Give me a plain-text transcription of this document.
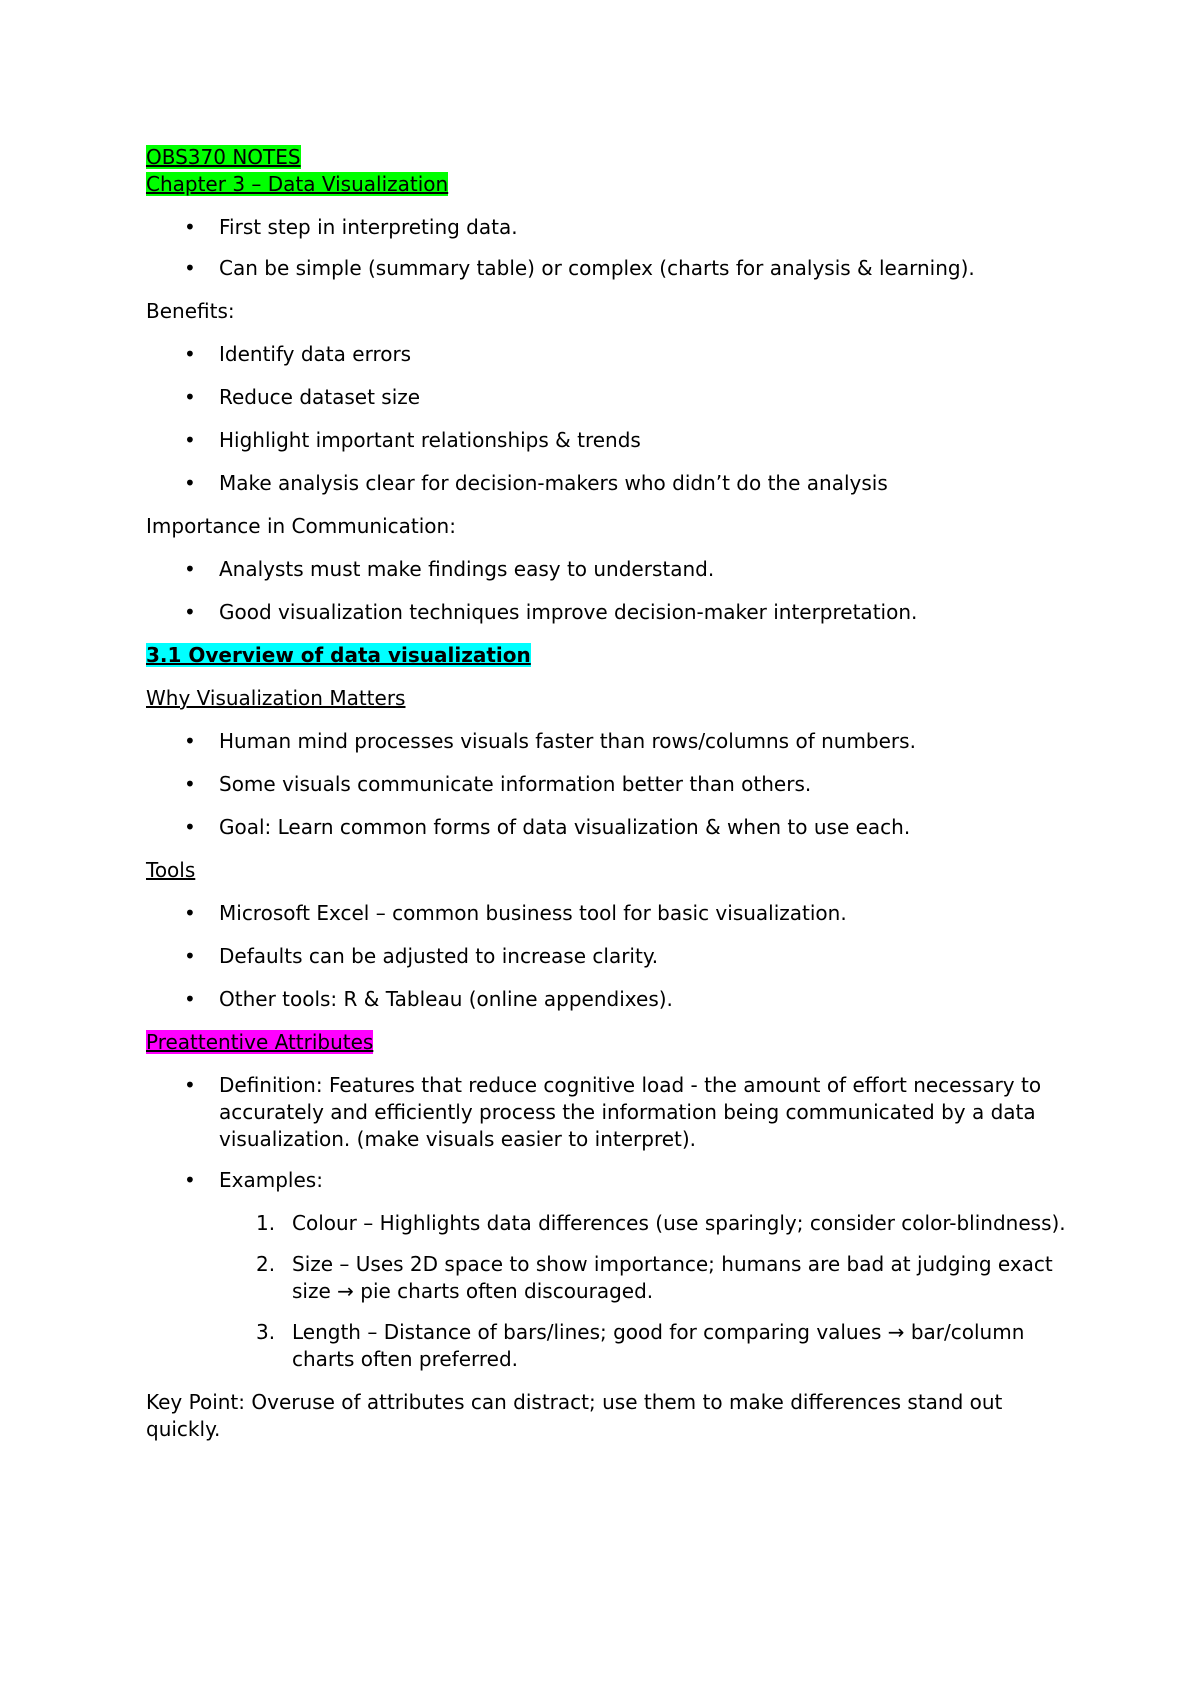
OBS370 NOTES
Chapter 3 – Data Visualization
• First step in interpreting data.
• Can be simple (summary table) or complex (charts for analysis & learning).

Benefits:

• Identify data errors
• Reduce dataset size
• Highlight important relationships & trends
• Make analysis clear for decision-makers who didn’t do the analysis

Importance in Communication:

• Analysts must make findings easy to understand.
• Good visualization techniques improve decision-maker interpretation.

3.1 Overview of data visualization

Why Visualization Matters

• Human mind processes visuals faster than rows/columns of numbers.
• Some visuals communicate information better than others.
• Goal: Learn common forms of data visualization & when to use each.

Tools

• Microsoft Excel – common business tool for basic visualization.
• Defaults can be adjusted to increase clarity.
• Other tools: R & Tableau (online appendixes).

Preattentive Attributes

• Definition: Features that reduce cognitive load - the amount of effort necessary to accurately and efficiently process the information being communicated by a data visualization. (make visuals easier to interpret).
• Examples:
1. Colour – Highlights data differences (use sparingly; consider color-blindness).
2. Size – Uses 2D space to show importance; humans are bad at judging exact size → pie charts often discouraged.
3. Length – Distance of bars/lines; good for comparing values → bar/column charts often preferred.

Key Point: Overuse of attributes can distract; use them to make differences stand out quickly.
